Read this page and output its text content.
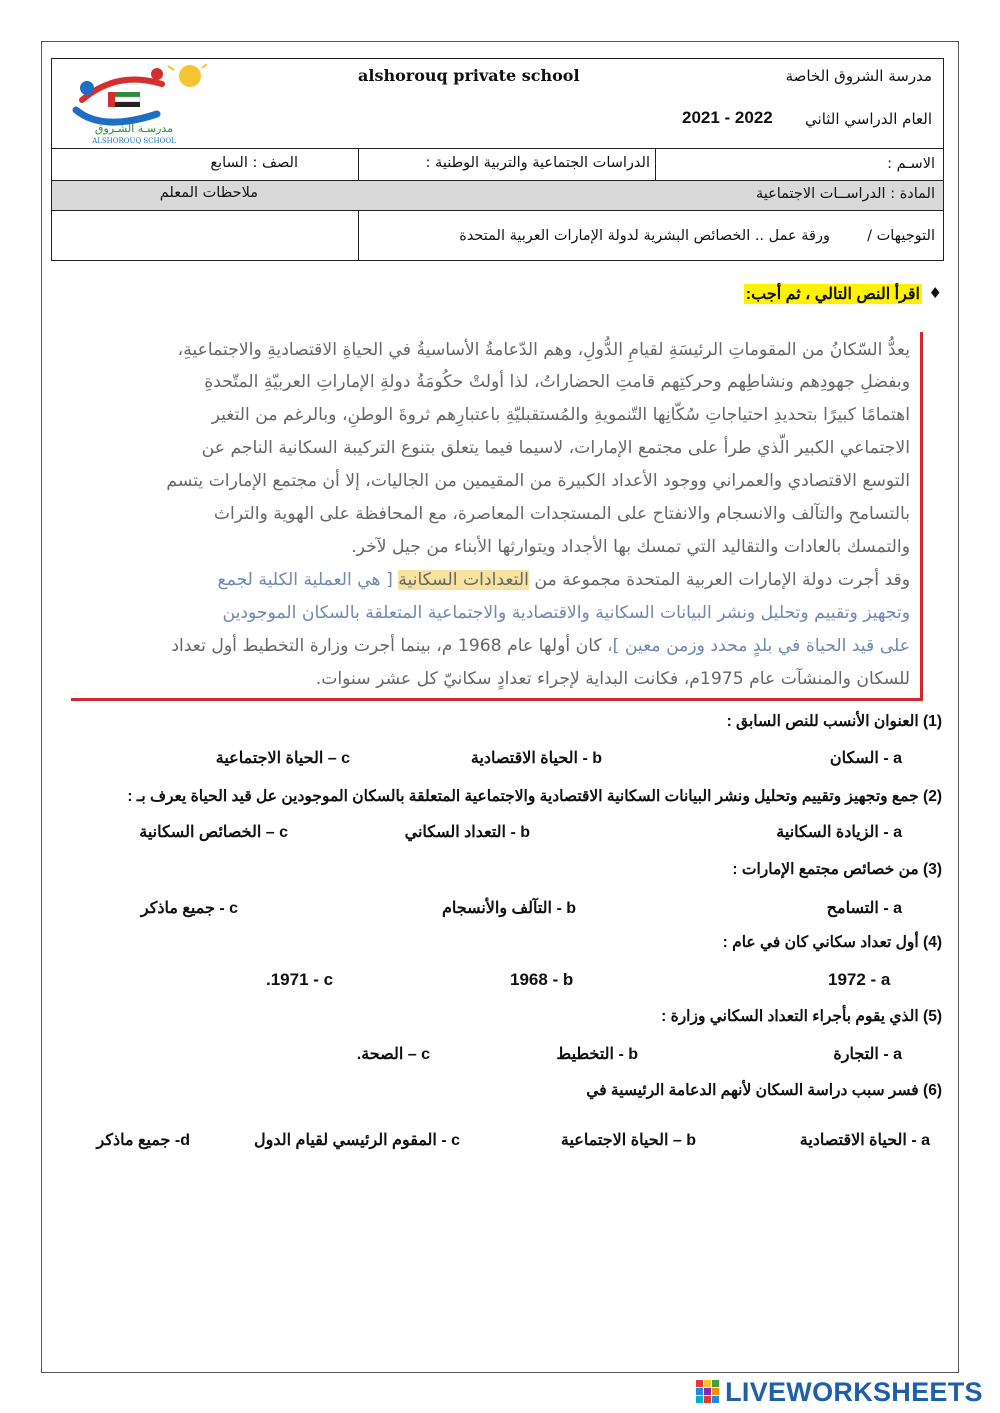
مدرسـة الشـروق
ALSHOROUQ SCHOOL
alshorouq private school	مدرسة الشروق الخاصة
العام الدراسي الثاني
2021 - 2022
الاسـم :
الدراسات الجتماعية والتربية الوطنية :
الصف : السابع
المادة : الدراســات الاجتماعية
ملاحظات المعلم
التوجيهات /
ورقة عمل .. الخصائص البشرية لدولة الإمارات العربية المتحدة
♦
اقرأ النص التالي ، ثم أجب:
يعدُّ السّكانُ من المقوماتِ الرئيسَةِ لقيامِ الدُّولِ، وهم الدّعامةُ الأساسيةُ في الحياةِ الاقتصاديةِ والاجتماعيةِ،
وبفضلِ جهودِهم ونشاطِهم وحركتِهم قامتِ الحضاراتُ، لذا أولتْ حكُومَةُ دولةِ الإماراتِ العربيّةِ المتّحدةِ
اهتمامًا كبيرًا بتحديدِ احتياجاتِ سُكّانِها التّنمويةِ والمُستقبليّةِ باعتبارِهم ثروةَ الوطنِ، وبالرغم من التغير
الاجتماعي الكبير الّذي طرأ على مجتمع الإمارات، لاسيما فيما يتعلق بتنوع التركيبة السكانية الناجم عن
التوسع الاقتصادي والعمراني ووجود الأعداد الكبيرة من المقيمين من الجاليات، إلا أن مجتمع الإمارات يتسم
بالتسامح والتآلف والانسجام والانفتاح على المستجدات المعاصرة، مع المحافظة على الهوية والتراث
والتمسك بالعادات والتقاليد التي تمسك بها الأجداد ويتوارثها الأبناء من جيل لآخر.
وقد أجرت دولة الإمارات العربية المتحدة مجموعة من التعدادات السكانية [ هي العملية الكلية لجمع
وتجهيز وتقييم وتحليل ونشر البيانات السكانية والاقتصادية والاجتماعية المتعلقة بالسكان الموجودين
على قيد الحياة في بلدٍ محدد وزمن معين ]، كان أولها عام 1968 م، بينما أجرت وزارة التخطيط أول تعداد
للسكان والمنشآت عام 1975م، فكانت البداية لإجراء تعدادٍ سكانيّ كل عشر سنوات.
(1) العنوان الأنسب للنص السابق :
a - السكان
b - الحياة الاقتصادية
c – الحياة الاجتماعية
(2) جمع وتجهيز وتقييم وتحليل ونشر البيانات السكانية الاقتصادية والاجتماعية المتعلقة بالسكان الموجودين عل قيد الحياة يعرف بـ :
a - الزيادة السكانية
b - التعداد السكاني
c – الخصائص السكانية
(3) من خصائص مجتمع الإمارات :
a - التسامح
b - التآلف والأنسجام
c - جميع ماذكر
(4) أول تعداد سكاني كان في عام :
1972 - a
1968 - b
.1971 - c
(5) الذي يقوم بأجراء التعداد السكاني وزارة :
a - التجارة
b - التخطيط
c – الصحة.
(6) فسر سبب دراسة السكان لأنهم الدعامة الرئيسية في
a - الحياة الاقتصادية
b – الحياة الاجتماعية
c - المقوم الرئيسي لقيام الدول
d- جميع ماذكر
LIVEWORKSHEETS
